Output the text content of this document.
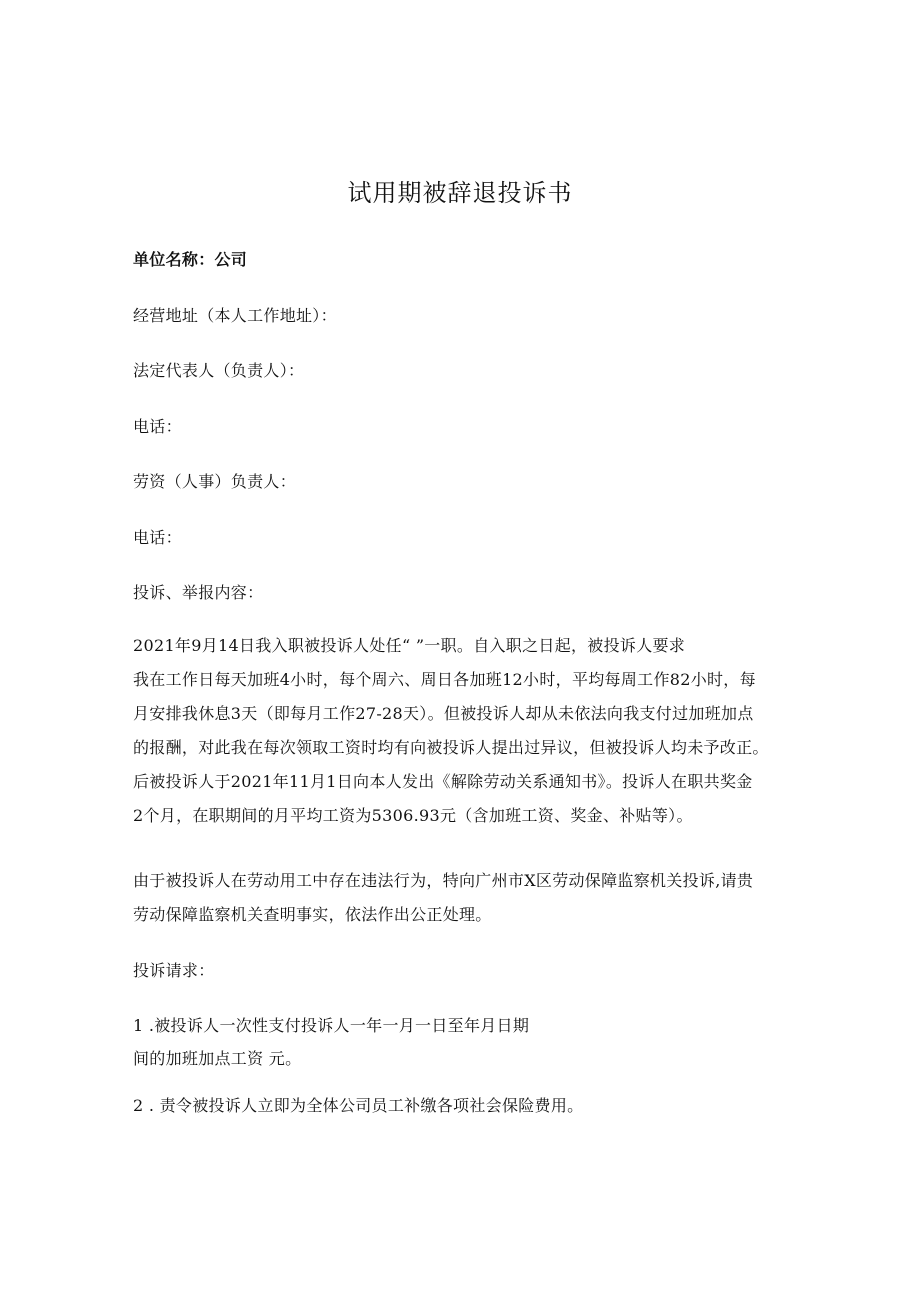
试用期被辞退投诉书
单位名称：公司
经营地址（本人工作地址）：
法定代表人（负责人）：
电话：
劳资（人事）负责人：
电话：
投诉、举报内容：
2021年9月14日我入职被投诉人处任“ ”一职。自入职之日起，被投诉人要求
我在工作日每天加班4小时，每个周六、周日各加班12小时，平均每周工作82小时，每
月安排我休息3天（即每月工作27-28天）。但被投诉人却从未依法向我支付过加班加点
的报酬，对此我在每次领取工资时均有向被投诉人提出过异议，但被投诉人均未予改正。
后被投诉人于2021年11月1日向本人发出《解除劳动关系通知书》。投诉人在职共奖金
2个月，在职期间的月平均工资为5306.93元（含加班工资、奖金、补贴等）。
由于被投诉人在劳动用工中存在违法行为，特向广州市X区劳动保障监察机关投诉,请贵
劳动保障监察机关查明事实，依法作出公正处理。
投诉请求：
1 .被投诉人一次性支付投诉人一年一月一日至年月日期
间的加班加点工资 元。
2 . 责令被投诉人立即为全体公司员工补缴各项社会保险费用。
